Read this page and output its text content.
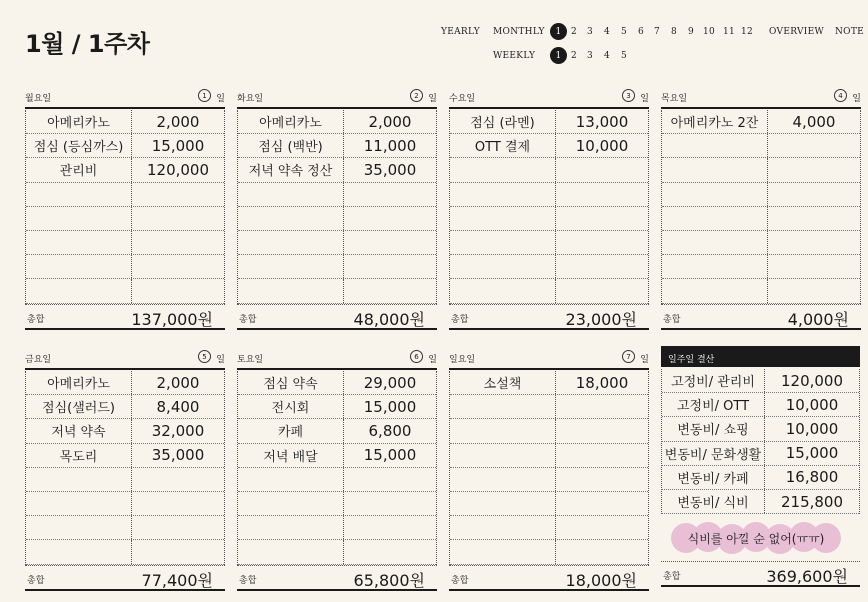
1월 / 1주차	YEARLY MONTHLY
WEEKLY
OVERVIEW NOTE
1	2	3	4	5	6	7	8	9 10 11 12
1	2	3	4	5
월요일	1	일
아메리카노	2,000
점심 (등심까스)	15,000
관리비	120,000
총합	137,000원
화요일	2	일
아메리카노	2,000
점심 (백반)	11,000
저녁 약속 정산	35,000
총합	48,000원
수요일	3	일
점심 (라멘)	13,000
OTT 결제	10,000
총합	23,000원
목요일	4	일
아메리카노 2잔	4,000
총합	4,000원
금요일	5	일
아메리카노	2,000
점심(샐러드)	8,400
저녁 약속	32,000
목도리	35,000
총합	77,400원
토요일	6	일
점심 약속	29,000
전시회	15,000
카페	6,800
저녁 배달	15,000
총합	65,800원
일요일	7	일
소설책	18,000
총합	18,000원
일주일 결산
고정비/ 관리비	120,000
고정비/ OTT	10,000
변동비/ 쇼핑	10,000
변동비/ 문화생활	15,000
변동비/ 카페	16,800
변동비/ 식비	215,800
식비를 아낄 순 없어(ㅠㅠ)
총합	369,600원
